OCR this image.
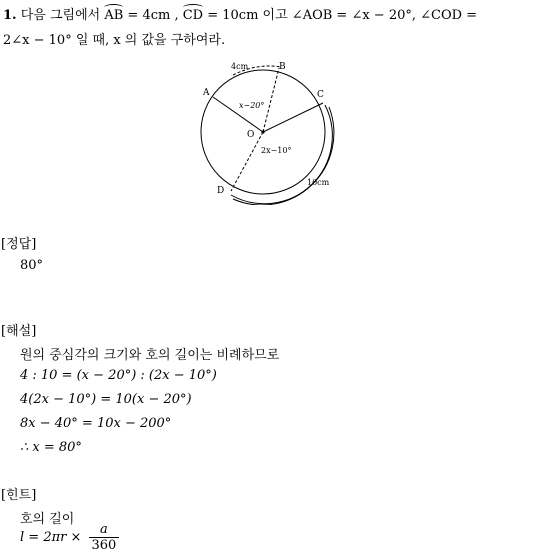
1. 다음 그림에서 AB = 4cm , CD = 10cm 이고 ∠AOB = ∠x − 20°, ∠COD =
2∠x − 10° 일 때, x 의 값을 구하여라.
4cm	B
A	C
x−20°
O
2x−10°
D
10cm
[정답]
80°
[해설]
원의 중심각의 크기와 호의 길이는 비례하므로
4 : 10 = (x − 20°) : (2x − 10°)
4(2x − 10°) = 10(x − 20°)
8x − 40° = 10x − 200°
∴ x = 80°
[힌트]
호의 길이
$l = 2\pi r \times \frac{a}{360}$
